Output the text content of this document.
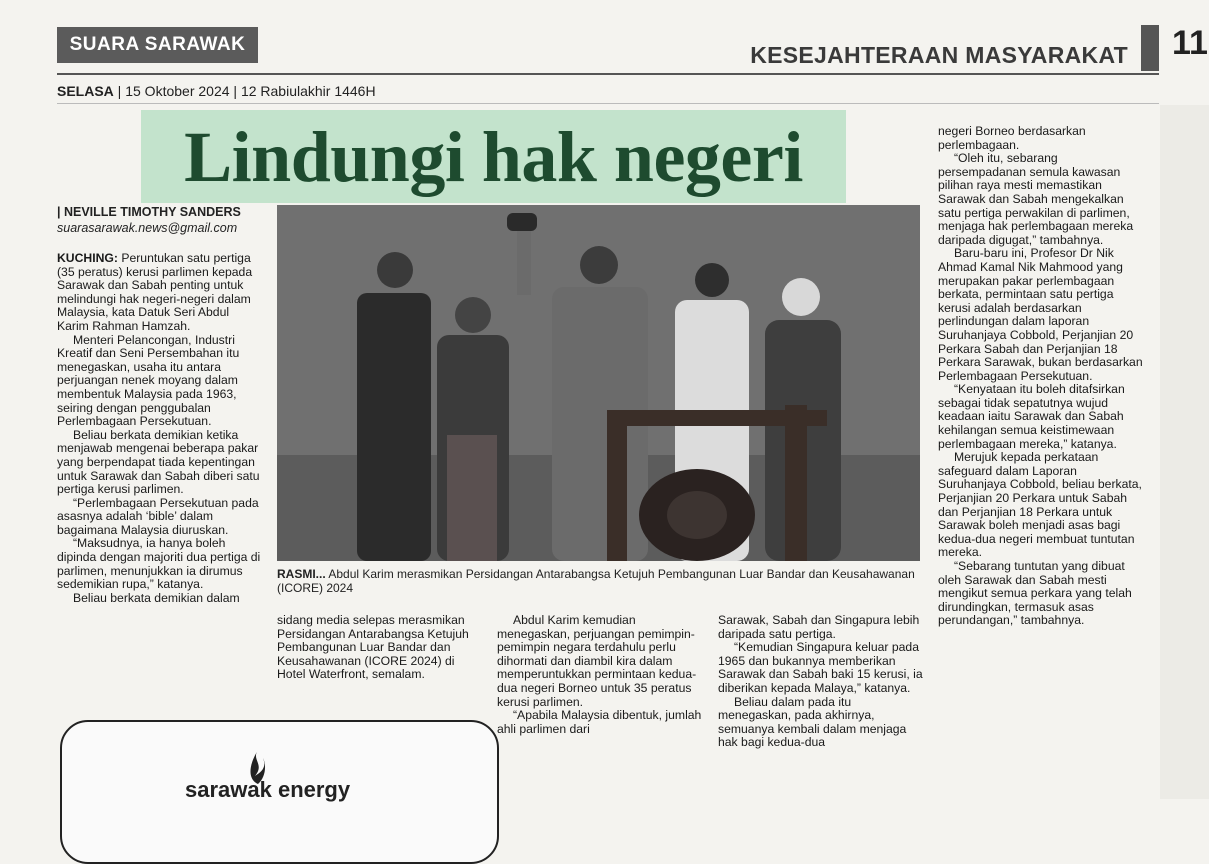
SUARA SARAWAK	KESEJAHTERAAN MASYARAKAT 11
SELASA | 15 Oktober 2024 | 12 Rabiulakhir 1446H
Lindungi hak negeri
| NEVILLE TIMOTHY SANDERS
suarasarawak.news@gmail.com

KUCHING: Peruntukan satu pertiga (35 peratus) kerusi parlimen kepada Sarawak dan Sabah penting untuk melindungi hak negeri-negeri dalam Malaysia, kata Datuk Seri Abdul Karim Rahman Hamzah.

Menteri Pelancongan, Industri Kreatif dan Seni Persembahan itu menegaskan, usaha itu antara perjuangan nenek moyang dalam membentuk Malaysia pada 1963, seiring dengan penggubalan Perlembagaan Persekutuan.

Beliau berkata demikian ketika menjawab mengenai beberapa pakar yang berpendapat tiada kepentingan untuk Sarawak dan Sabah diberi satu pertiga kerusi parlimen.

“Perlembagaan Persekutuan pada asasnya adalah ‘bible’ dalam bagaimana Malaysia diuruskan.

“Maksudnya, ia hanya boleh dipinda dengan majoriti dua pertiga di parlimen, menunjukkan ia dirumus sedemikian rupa,” katanya.

Beliau berkata demikian dalam

RASMI... Abdul Karim merasmikan Persidangan Antarabangsa Ketujuh Pembangunan Luar Bandar dan Keusahawanan (ICORE) 2024

sidang media selepas merasmikan Persidangan Antarabangsa Ketujuh Pembangunan Luar Bandar dan Keusahawanan (ICORE 2024) di Hotel Waterfront, semalam.

Abdul Karim kemudian menegaskan, perjuangan pemimpin-pemimpin negara terdahulu perlu dihormati dan diambil kira dalam memperuntukkan permintaan kedua-dua negeri Borneo untuk 35 peratus kerusi parlimen.

“Apabila Malaysia dibentuk, jumlah ahli parlimen dari

Sarawak, Sabah dan Singapura lebih daripada satu pertiga.

“Kemudian Singapura keluar pada 1965 dan bukannya memberikan Sarawak dan Sabah baki 15 kerusi, ia diberikan kepada Malaya,” katanya.

Beliau dalam pada itu menegaskan, pada akhirnya, semuanya kembali dalam menjaga hak bagi kedua-dua

negeri Borneo berdasarkan perlembagaan.

“Oleh itu, sebarang persempadanan semula kawasan pilihan raya mesti memastikan Sarawak dan Sabah mengekalkan satu pertiga perwakilan di parlimen, menjaga hak perlembagaan mereka daripada digugat,” tambahnya.

Baru-baru ini, Profesor Dr Nik Ahmad Kamal Nik Mahmood yang merupakan pakar perlembagaan berkata, permintaan satu pertiga kerusi adalah berdasarkan perlindungan dalam laporan Suruhanjaya Cobbold, Perjanjian 20 Perkara Sabah dan Perjanjian 18 Perkara Sarawak, bukan berdasarkan Perlembagaan Persekutuan.

“Kenyataan itu boleh ditafsirkan sebagai tidak sepatutnya wujud keadaan iaitu Sarawak dan Sabah kehilangan semua keistimewaan perlembagaan mereka,” katanya.

Merujuk kepada perkataan safeguard dalam Laporan Suruhanjaya Cobbold, beliau berkata, Perjanjian 20 Perkara untuk Sabah dan Perjanjian 18 Perkara untuk Sarawak boleh menjadi asas bagi kedua-dua negeri membuat tuntutan mereka.

“Sebarang tuntutan yang dibuat oleh Sarawak dan Sabah mesti mengikut semua perkara yang telah dirundingkan, termasuk asas perundangan,” tambahnya.

sarawak energy
